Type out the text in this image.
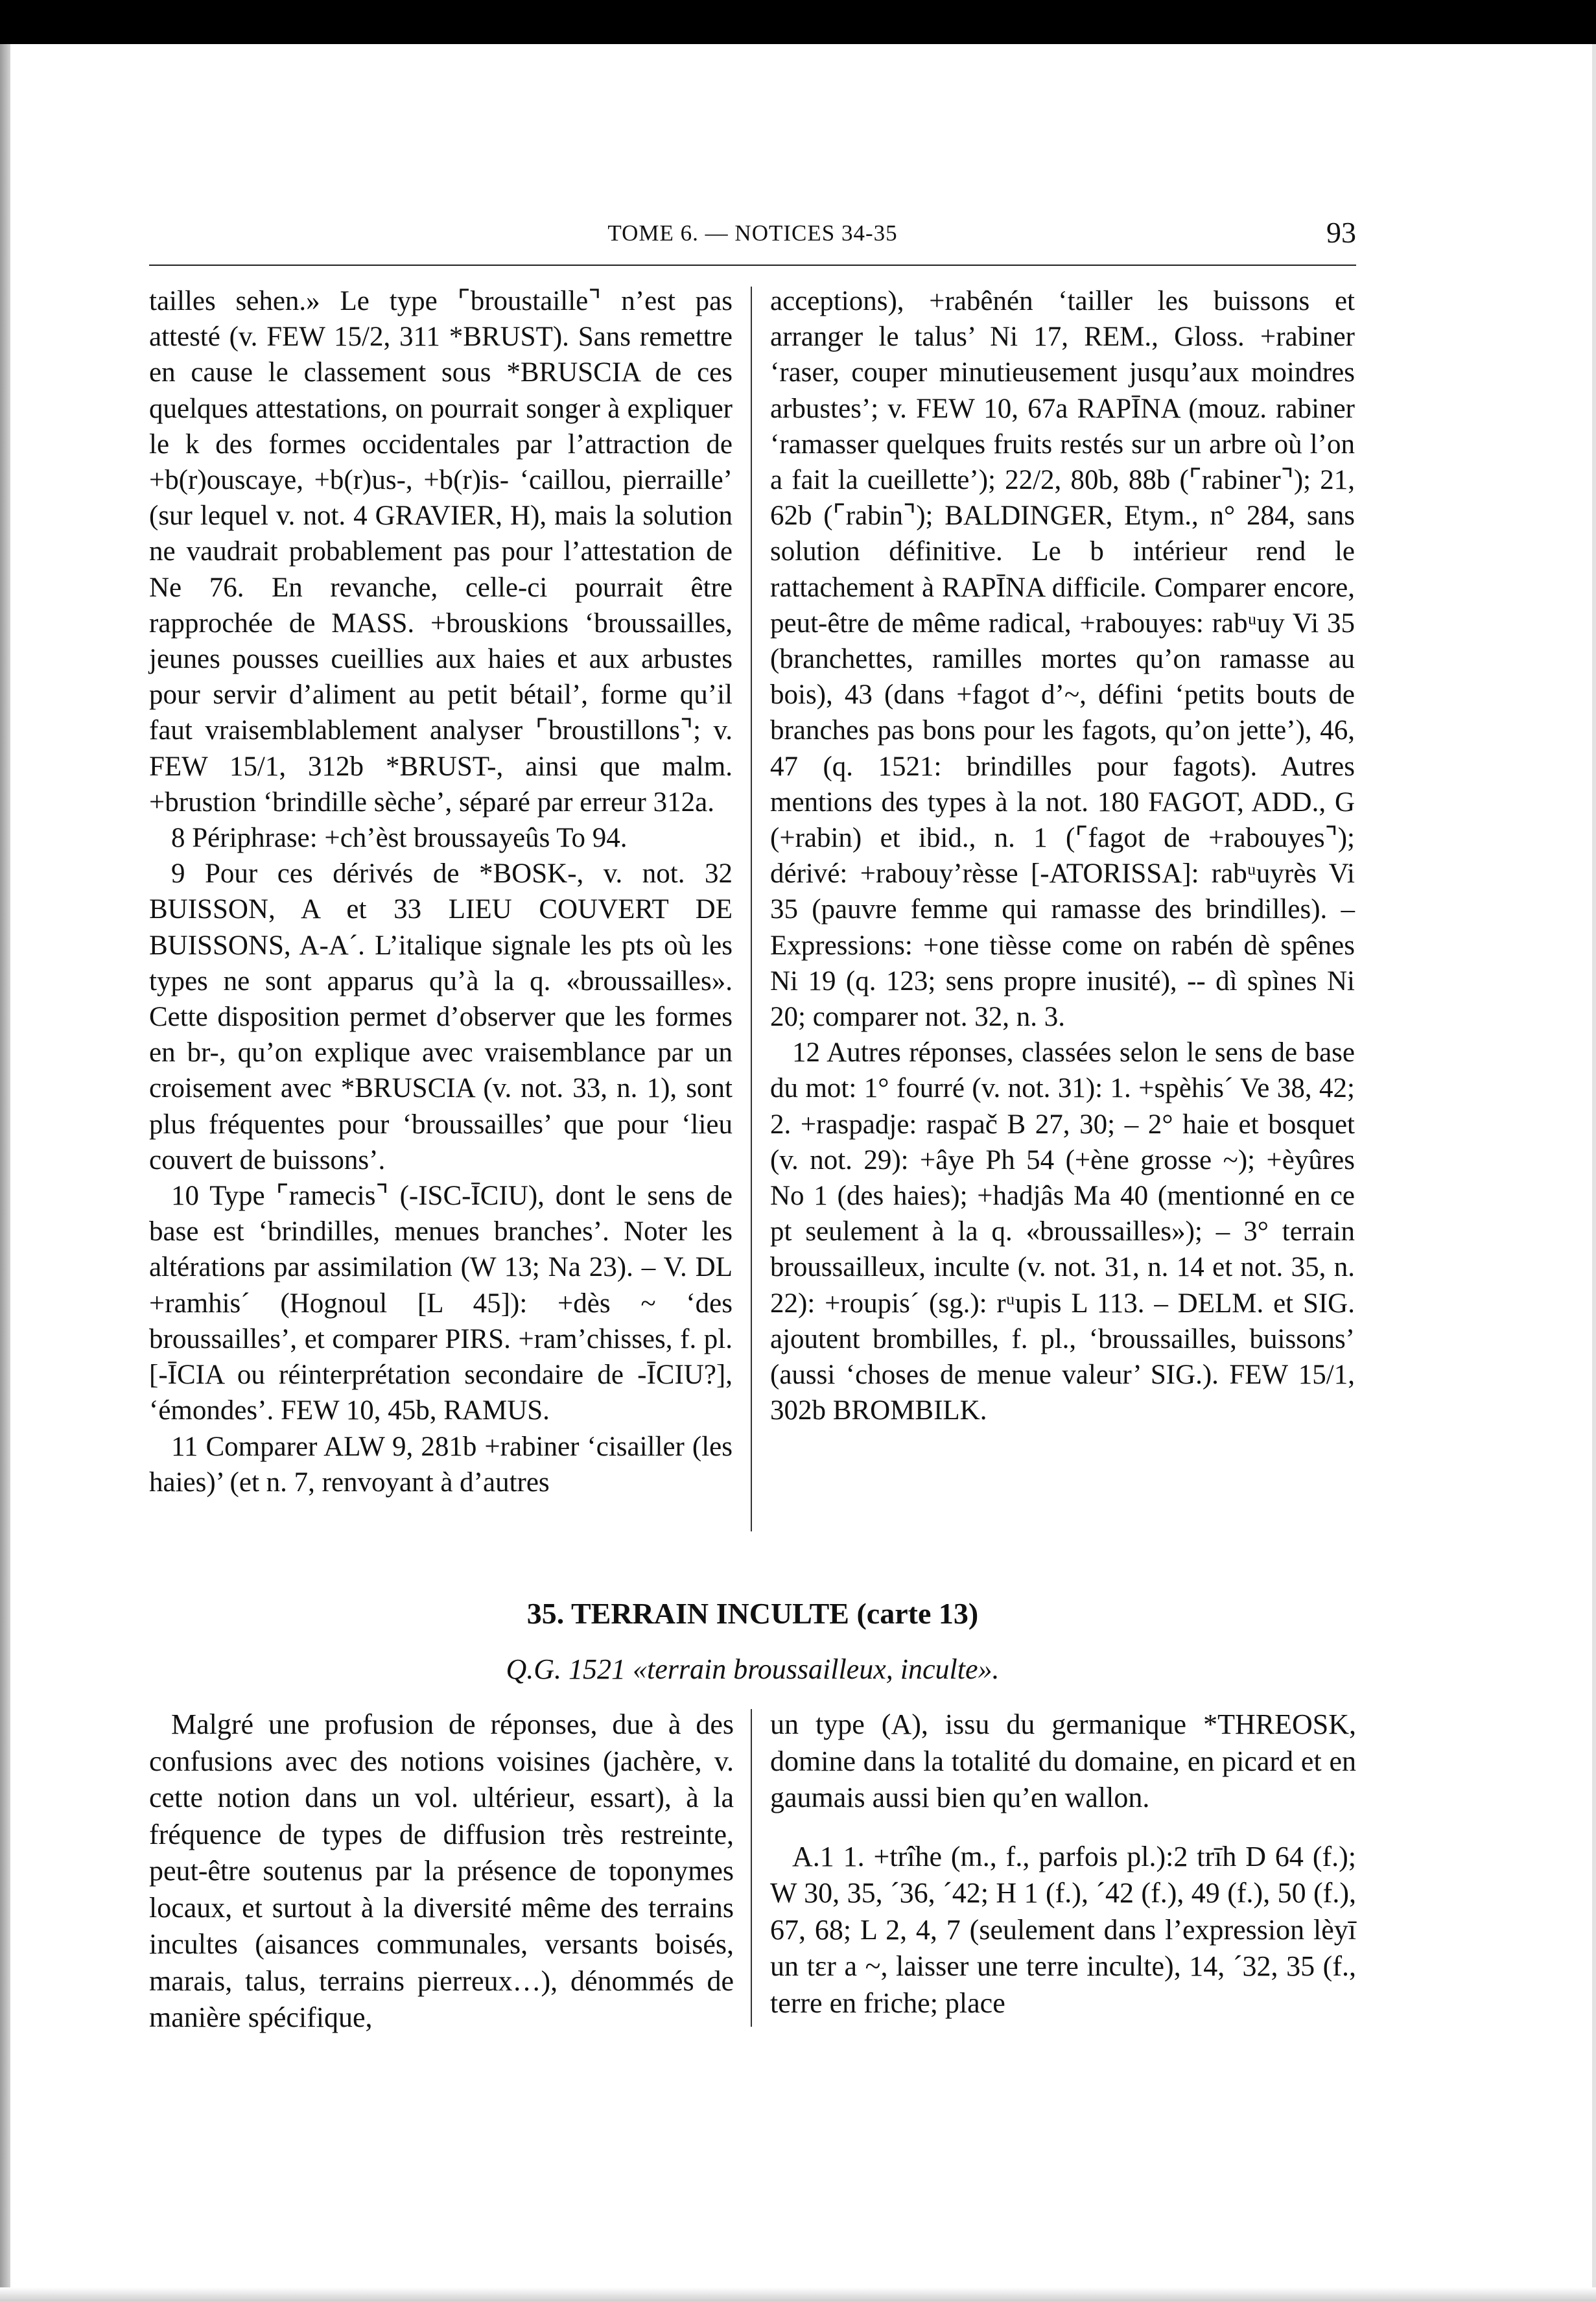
TOME 6. — NOTICES 34-35	93

tailles sehen.» Le type ⌜broustaille⌝ n’est pas attesté (v. FEW 15/2, 311 *BRUST). Sans remettre en cause le classement sous *BRUSCIA de ces quelques attestations, on pourrait songer à expliquer le k des formes occidentales par l’attraction de +b(r)ouscaye, +b(r)us-, +b(r)is- ‘caillou, pierraille’ (sur lequel v. not. 4 GRAVIER, H), mais la solution ne vaudrait probablement pas pour l’attestation de Ne 76. En revanche, celle-ci pourrait être rapprochée de MASS. +brouskions ‘broussailles, jeunes pousses cueillies aux haies et aux arbustes pour servir d’aliment au petit bétail’, forme qu’il faut vraisemblablement analyser ⌜broustillons⌝; v. FEW 15/1, 312b *BRUST-, ainsi que malm. +brustion ‘brindille sèche’, séparé par erreur 312a.

8 Périphrase: +ch’èst broussayeûs To 94.

9 Pour ces dérivés de *BOSK-, v. not. 32 BUISSON, A et 33 LIEU COUVERT DE BUISSONS, A-A´. L’italique signale les pts où les types ne sont apparus qu’à la q. «broussailles». Cette disposition permet d’observer que les formes en br-, qu’on explique avec vraisemblance par un croisement avec *BRUSCIA (v. not. 33, n. 1), sont plus fréquentes pour ‘broussailles’ que pour ‘lieu couvert de buissons’.

10 Type ⌜ramecis⌝ (-ISC-ĪCIU), dont le sens de base est ‘brindilles, menues branches’. Noter les altérations par assimilation (W 13; Na 23). – V. DL +ramhis´ (Hognoul [L 45]): +dès ~ ‘des broussailles’, et comparer PIRS. +ram’chisses, f. pl. [-ĪCIA ou réinterprétation secondaire de -ĪCIU?], ‘émondes’. FEW 10, 45b, RAMUS.

11 Comparer ALW 9, 281b +rabiner ‘cisailler (les haies)’ (et n. 7, renvoyant à d’autres

acceptions), +rabênén ‘tailler les buissons et arranger le talus’ Ni 17, REM., Gloss. +rabiner ‘raser, couper minutieusement jusqu’aux moindres arbustes’; v. FEW 10, 67a RAPĪNA (mouz. rabiner ‘ramasser quelques fruits restés sur un arbre où l’on a fait la cueillette’); 22/2, 80b, 88b (⌜rabiner⌝); 21, 62b (⌜rabin⌝); BALDINGER, Etym., n° 284, sans solution définitive. Le b intérieur rend le rattachement à RAPĪNA difficile. Comparer encore, peut-être de même radical, +rabouyes: rabᵘuy Vi 35 (branchettes, ramilles mortes qu’on ramasse au bois), 43 (dans +fagot d’~, défini ‘petits bouts de branches pas bons pour les fagots, qu’on jette’), 46, 47 (q. 1521: brindilles pour fagots). Autres mentions des types à la not. 180 FAGOT, ADD., G (+rabin) et ibid., n. 1 (⌜fagot de +rabouyes⌝); dérivé: +rabouy’rèsse [-ATORISSA]: rabᵘuyrès Vi 35 (pauvre femme qui ramasse des brindilles). – Expressions: +one tièsse come on rabén dè spênes Ni 19 (q. 123; sens propre inusité), -- dì spìnes Ni 20; comparer not. 32, n. 3.

12 Autres réponses, classées selon le sens de base du mot: 1° fourré (v. not. 31): 1. +spèhis´ Ve 38, 42; 2. +raspadje: raspač B 27, 30; – 2° haie et bosquet (v. not. 29): +âye Ph 54 (+ène grosse ~); +èyûres No 1 (des haies); +hadjâs Ma 40 (mentionné en ce pt seulement à la q. «broussailles»); – 3° terrain broussailleux, inculte (v. not. 31, n. 14 et not. 35, n. 22): +roupis´ (sg.): rᵘupis L 113. – DELM. et SIG. ajoutent brombilles, f. pl., ‘broussailles, buissons’ (aussi ‘choses de menue valeur’ SIG.). FEW 15/1, 302b BROMBILK.

35. TERRAIN INCULTE (carte 13)
Q.G. 1521 «terrain broussailleux, inculte».

Malgré une profusion de réponses, due à des confusions avec des notions voisines (jachère, v. cette notion dans un vol. ultérieur, essart), à la fréquence de types de diffusion très restreinte, peut-être soutenus par la présence de toponymes locaux, et surtout à la diversité même des terrains incultes (aisances communales, versants boisés, marais, talus, terrains pierreux…), dénommés de manière spécifique,

un type (A), issu du germanique *THREOSK, domine dans la totalité du domaine, en picard et en gaumais aussi bien qu’en wallon.

A.1 1. +trîhe (m., f., parfois pl.):2 trīh D 64 (f.); W 30, 35, ´36, ´42; H 1 (f.), ´42 (f.), 49 (f.), 50 (f.), 67, 68; L 2, 4, 7 (seulement dans l’expression lèyī un tɛr a ~, laisser une terre inculte), 14, ´32, 35 (f., terre en friche; place
